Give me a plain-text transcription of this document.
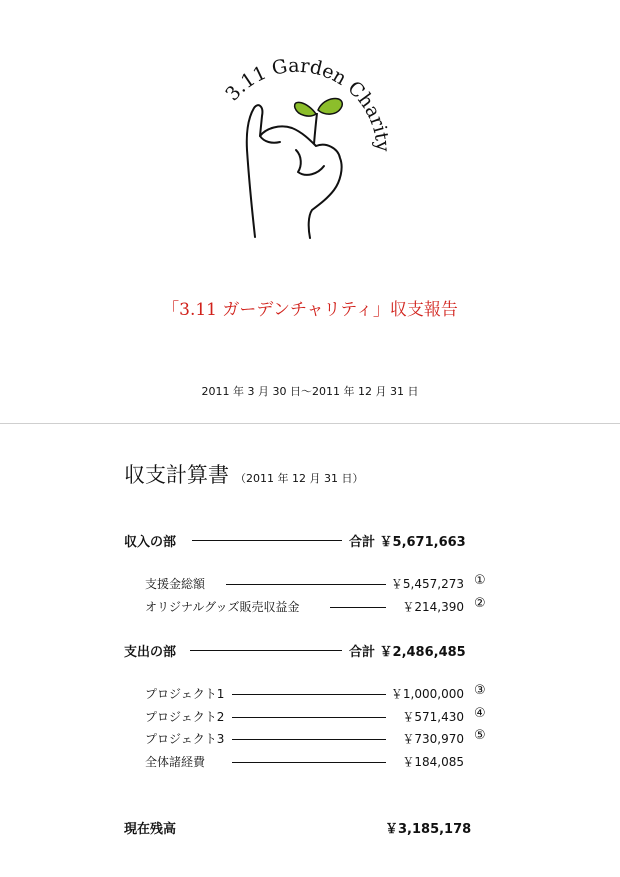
3.11 Garden Charity
「3.11 ガーデンチャリティ」収支報告
2011 年 3 月 30 日〜2011 年 12 月 31 日
収支計算書 （2011 年 12 月 31 日）
収入の部	合計 ￥5,671,663
支援金総額	￥5,457,273 ①
オリジナルグッズ販売収益金	￥214,390 ②
支出の部	合計 ￥2,486,485
プロジェクト1	￥1,000,000 ③
プロジェクト2	￥571,430 ④
プロジェクト3	￥730,970 ⑤
全体諸経費	￥184,085
現在残高	￥3,185,178
